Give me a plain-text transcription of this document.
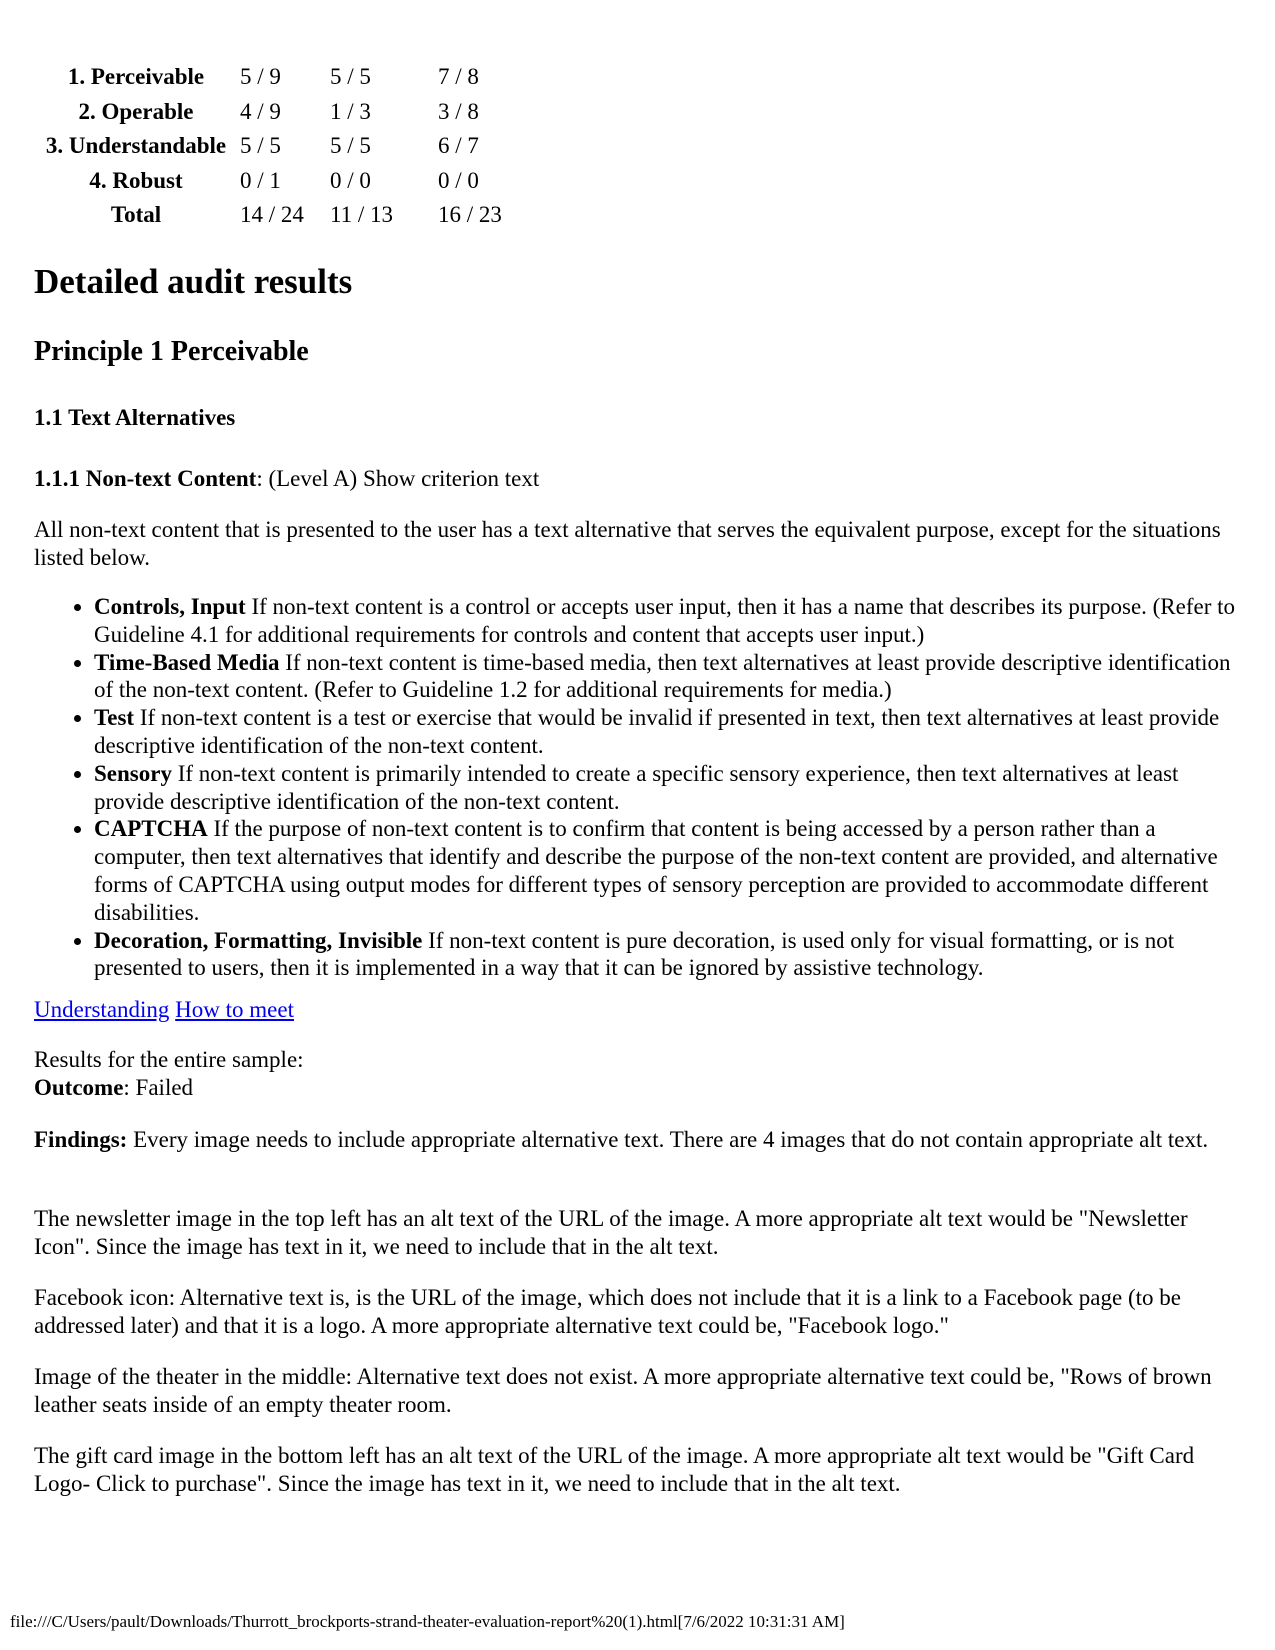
1. Perceivable	5 / 9	5 / 5	7 / 8
2. Operable	4 / 9	1 / 3	3 / 8
3. Understandable	5 / 5	5 / 5	6 / 7
4. Robust	0 / 1	0 / 0	0 / 0
Total	14 / 24	11 / 13	16 / 23
Detailed audit results
Principle 1 Perceivable
1.1 Text Alternatives

1.1.1 Non-text Content: (Level A) Show criterion text

All non-text content that is presented to the user has a text alternative that serves the equivalent purpose, except for the situations listed below.

• Controls, Input If non-text content is a control or accepts user input, then it has a name that describes its purpose. (Refer to Guideline 4.1 for additional requirements for controls and content that accepts user input.)
• Time-Based Media If non-text content is time-based media, then text alternatives at least provide descriptive identification of the non-text content. (Refer to Guideline 1.2 for additional requirements for media.)
• Test If non-text content is a test or exercise that would be invalid if presented in text, then text alternatives at least provide descriptive identification of the non-text content.
• Sensory If non-text content is primarily intended to create a specific sensory experience, then text alternatives at least provide descriptive identification of the non-text content.
• CAPTCHA If the purpose of non-text content is to confirm that content is being accessed by a person rather than a computer, then text alternatives that identify and describe the purpose of the non-text content are provided, and alternative forms of CAPTCHA using output modes for different types of sensory perception are provided to accommodate different disabilities.
• Decoration, Formatting, Invisible If non-text content is pure decoration, is used only for visual formatting, or is not presented to users, then it is implemented in a way that it can be ignored by assistive technology.

Understanding How to meet

Results for the entire sample:
Outcome: Failed

Findings: Every image needs to include appropriate alternative text. There are 4 images that do not contain appropriate alt text.

The newsletter image in the top left has an alt text of the URL of the image. A more appropriate alt text would be "Newsletter Icon". Since the image has text in it, we need to include that in the alt text.

Facebook icon: Alternative text is, is the URL of the image, which does not include that it is a link to a Facebook page (to be addressed later) and that it is a logo. A more appropriate alternative text could be, "Facebook logo."

Image of the theater in the middle: Alternative text does not exist. A more appropriate alternative text could be, "Rows of brown leather seats inside of an empty theater room.

The gift card image in the bottom left has an alt text of the URL of the image. A more appropriate alt text would be "Gift Card Logo- Click to purchase". Since the image has text in it, we need to include that in the alt text.

file:///C/Users/pault/Downloads/Thurrott_brockports-strand-theater-evaluation-report%20(1).html[7/6/2022 10:31:31 AM]
